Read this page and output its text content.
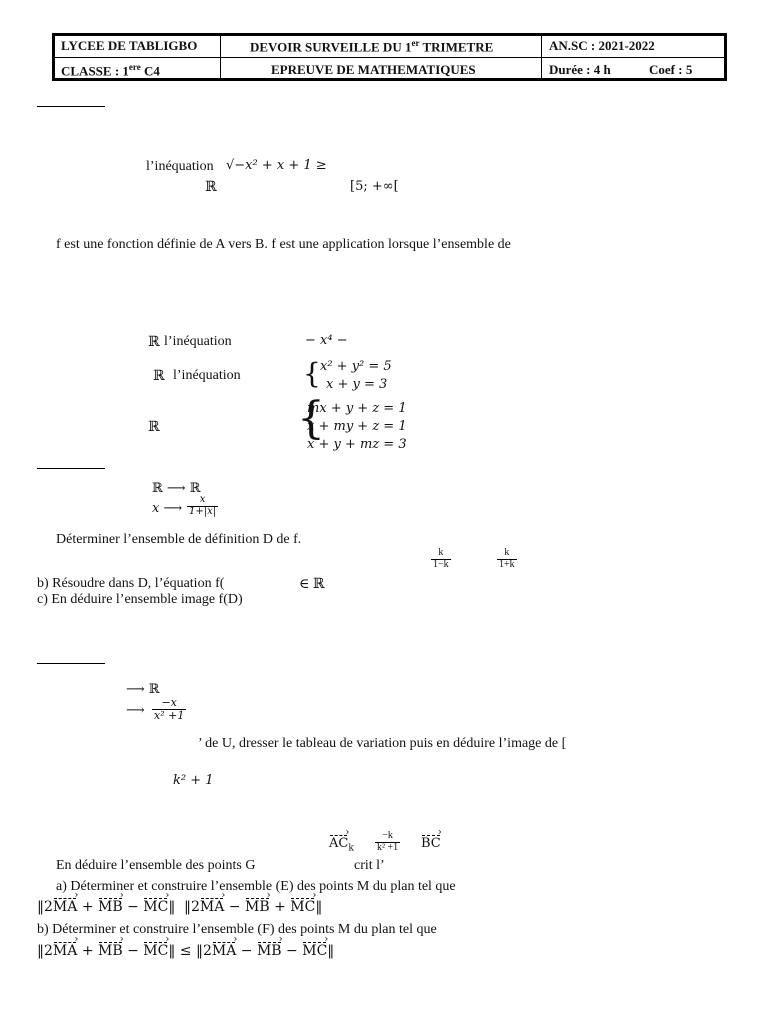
LYCEE DE TABLIGBO	DEVOIR SURVEILLE DU 1er TRIMETRE	AN.SC : 2021-2022
CLASSE : 1ere C4	EPREUVE DE MATHEMATIQUES	Durée : 4 h	Coef : 5
l’inéquation √−x² + x + 1 ≥
ℝ	[5; +∞[
f est une fonction définie de A vers B. f est une application lorsque l’ensemble de
ℝ l’inéquation	− x⁴ −
ℝ l’inéquation { x² + y² = 5
x + y = 3
ℝ	{
mx + y + z = 1
x + my + z = 1
x + y + mz = 3
ℝ ⟶ ℝ
x ⟶ $\frac{x}{1+|x|}$
Déterminer l’ensemble de définition D de f.
$\frac{k}{1-k}$	$\frac{k}{1+k}$
b) Résoudre dans D, l’équation f(	∈ ℝ
c) En déduire l’ensemble image f(D)
⟶ ℝ
⟶ $\frac{-x}{\text{x² +1}}$
’ de U, dresser le tableau de variation puis en déduire l’image de [
k² + 1
AC $›_k \frac{-k}{\text{k² +1}}$ BC ›
En déduire l’ensemble des points G	crit l’
a) Déterminer et construire l’ensemble (E) des points M du plan tel que
‖2MA › + MB › − MC ›‖ ‖2MA › − MB › + MC ›‖
b) Déterminer et construire l’ensemble (F) des points M du plan tel que
‖2MA › + MB › − MC ›‖ ≤ ‖2MA › − MB › − MC ›‖
